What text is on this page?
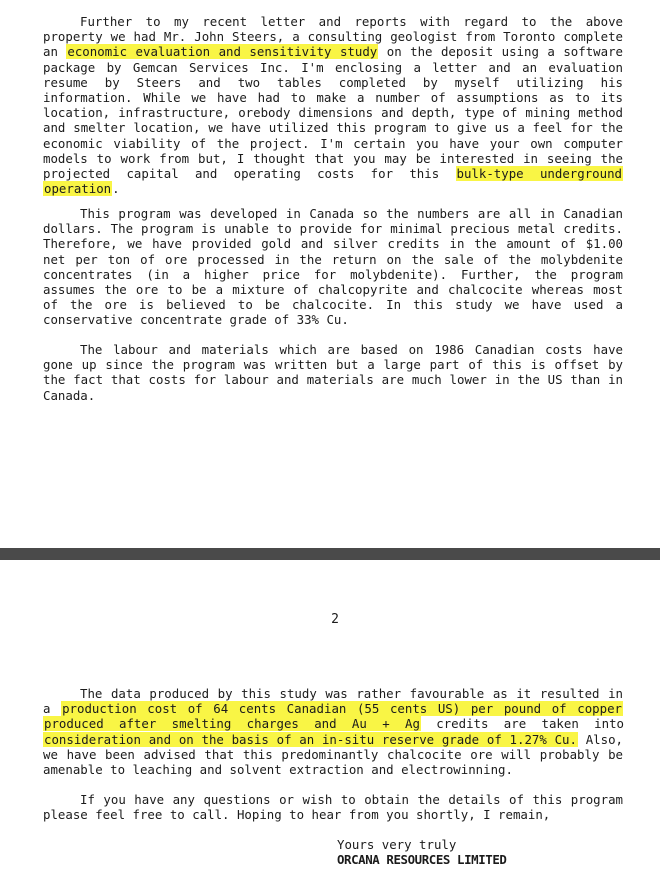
Further to my recent letter and reports with regard to the above property we had Mr. John Steers, a consulting geologist from Toronto complete an economic evaluation and sensitivity study on the deposit using a software package by Gemcan Services Inc. I'm enclosing a letter and an evaluation resume by Steers and two tables completed by myself utilizing his information. While we have had to make a number of assumptions as to its location, infrastructure, orebody dimensions and depth, type of mining method and smelter location, we have utilized this program to give us a feel for the economic viability of the project. I'm certain you have your own computer models to work from but, I thought that you may be interested in seeing the projected capital and operating costs for this bulk-type underground operation.

This program was developed in Canada so the numbers are all in Canadian dollars. The program is unable to provide for minimal precious metal credits. Therefore, we have provided gold and silver credits in the amount of $1.00 net per ton of ore processed in the return on the sale of the molybdenite concentrates (in a higher price for molybdenite). Further, the program assumes the ore to be a mixture of chalcopyrite and chalcocite whereas most of the ore is believed to be chalcocite. In this study we have used a conservative concentrate grade of 33% Cu.

The labour and materials which are based on 1986 Canadian costs have gone up since the program was written but a large part of this is offset by the fact that costs for labour and materials are much lower in the US than in Canada.

2

The data produced by this study was rather favourable as it resulted in a production cost of 64 cents Canadian (55 cents US) per pound of copper produced after smelting charges and Au + Ag credits are taken into consideration and on the basis of an in-situ reserve grade of 1.27% Cu. Also, we have been advised that this predominantly chalcocite ore will probably be amenable to leaching and solvent extraction and electrowinning.

If you have any questions or wish to obtain the details of this program please feel free to call. Hoping to hear from you shortly, I remain,

Yours very truly
ORCANA RESOURCES LIMITED
